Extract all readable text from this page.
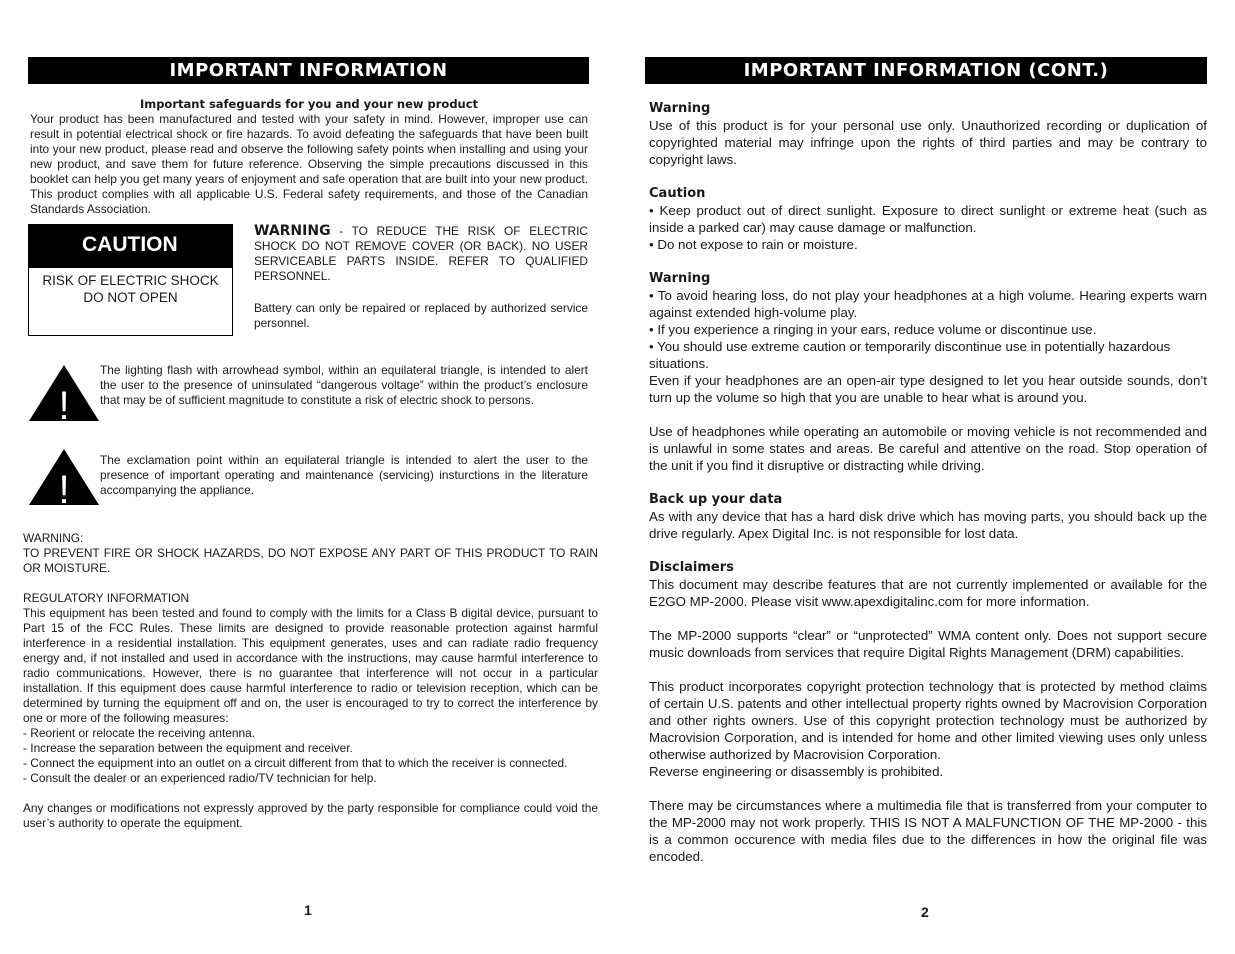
IMPORTANT INFORMATION
Important safeguards for you and your new product
Your product has been manufactured and tested with your safety in mind. However, improper use can result in potential electrical shock or fire hazards. To avoid defeating the safeguards that have been built into your new product, please read and observe the following safety points when installing and using your new product, and save them for future reference. Observing the simple precautions discussed in this booklet can help you get many years of enjoyment and safe operation that are built into your new product. This product complies with all applicable U.S. Federal safety requirements, and those of the Canadian Standards Association.
CAUTION
RISK OF ELECTRIC SHOCK
DO NOT OPEN
WARNING - TO REDUCE THE RISK OF ELECTRIC SHOCK DO NOT REMOVE COVER (OR BACK). NO USER SERVICEABLE PARTS INSIDE. REFER TO QUALIFIED PERSONNEL.
Battery can only be repaired or replaced by authorized service personnel.
!
The lighting flash with arrowhead symbol, within an equilateral triangle, is intended to alert the user to the presence of uninsulated “dangerous voltage” within the product’s enclosure that may be of sufficient magnitude to constitute a risk of electric shock to persons.
!
The exclamation point within an equilateral triangle is intended to alert the user to the presence of important operating and maintenance (servicing) insturctions in the literature accompanying the appliance.
WARNING:
TO PREVENT FIRE OR SHOCK HAZARDS, DO NOT EXPOSE ANY PART OF THIS PRODUCT TO RAIN OR MOISTURE.
REGULATORY INFORMATION
This equipment has been tested and found to comply with the limits for a Class B digital device, pursuant to Part 15 of the FCC Rules. These limits are designed to provide reasonable protection against harmful interference in a residential installation. This equipment generates, uses and can radiate radio frequency energy and, if not installed and used in accordance with the instructions, may cause harmful interference to radio communications. However, there is no guarantee that interference will not occur in a particular installation. If this equipment does cause harmful interference to radio or television reception, which can be determined by turning the equipment off and on, the user is encouraged to try to correct the interference by one or more of the following measures:
- Reorient or relocate the receiving antenna.
- Increase the separation between the equipment and receiver.
- Connect the equipment into an outlet on a circuit different from that to which the receiver is connected.
- Consult the dealer or an experienced radio/TV technician for help.
Any changes or modifications not expressly approved by the party responsible for compliance could void the user’s authority to operate the equipment.
1
IMPORTANT INFORMATION (CONT.)
Warning
Use of this product is for your personal use only. Unauthorized recording or duplication of copyrighted material may infringe upon the rights of third parties and may be contrary to copyright laws.
Caution
• Keep product out of direct sunlight. Exposure to direct sunlight or extreme heat (such as inside a parked car) may cause damage or malfunction.
• Do not expose to rain or moisture.
Warning
• To avoid hearing loss, do not play your headphones at a high volume. Hearing experts warn against extended high-volume play.
• If you experience a ringing in your ears, reduce volume or discontinue use.
• You should use extreme caution or temporarily discontinue use in potentially hazardous situations.
Even if your headphones are an open-air type designed to let you hear outside sounds, don’t turn up the volume so high that you are unable to hear what is around you.
Use of headphones while operating an automobile or moving vehicle is not recommended and is unlawful in some states and areas. Be careful and attentive on the road. Stop operation of the unit if you find it disruptive or distracting while driving.
Back up your data
As with any device that has a hard disk drive which has moving parts, you should back up the drive regularly. Apex Digital Inc. is not responsible for lost data.
Disclaimers
This document may describe features that are not currently implemented or available for the E2GO MP-2000. Please visit www.apexdigitalinc.com for more information.
The MP-2000 supports “clear” or “unprotected” WMA content only. Does not support secure music downloads from services that require Digital Rights Management (DRM) capabilities.
This product incorporates copyright protection technology that is protected by method claims of certain U.S. patents and other intellectual property rights owned by Macrovision Corporation and other rights owners. Use of this copyright protection technology must be authorized by Macrovision Corporation, and is intended for home and other limited viewing uses only unless otherwise authorized by Macrovision Corporation.
Reverse engineering or disassembly is prohibited.
There may be circumstances where a multimedia file that is transferred from your computer to the MP-2000 may not work properly. THIS IS NOT A MALFUNCTION OF THE MP-2000 - this is a common occurence with media files due to the differences in how the original file was encoded.
2
